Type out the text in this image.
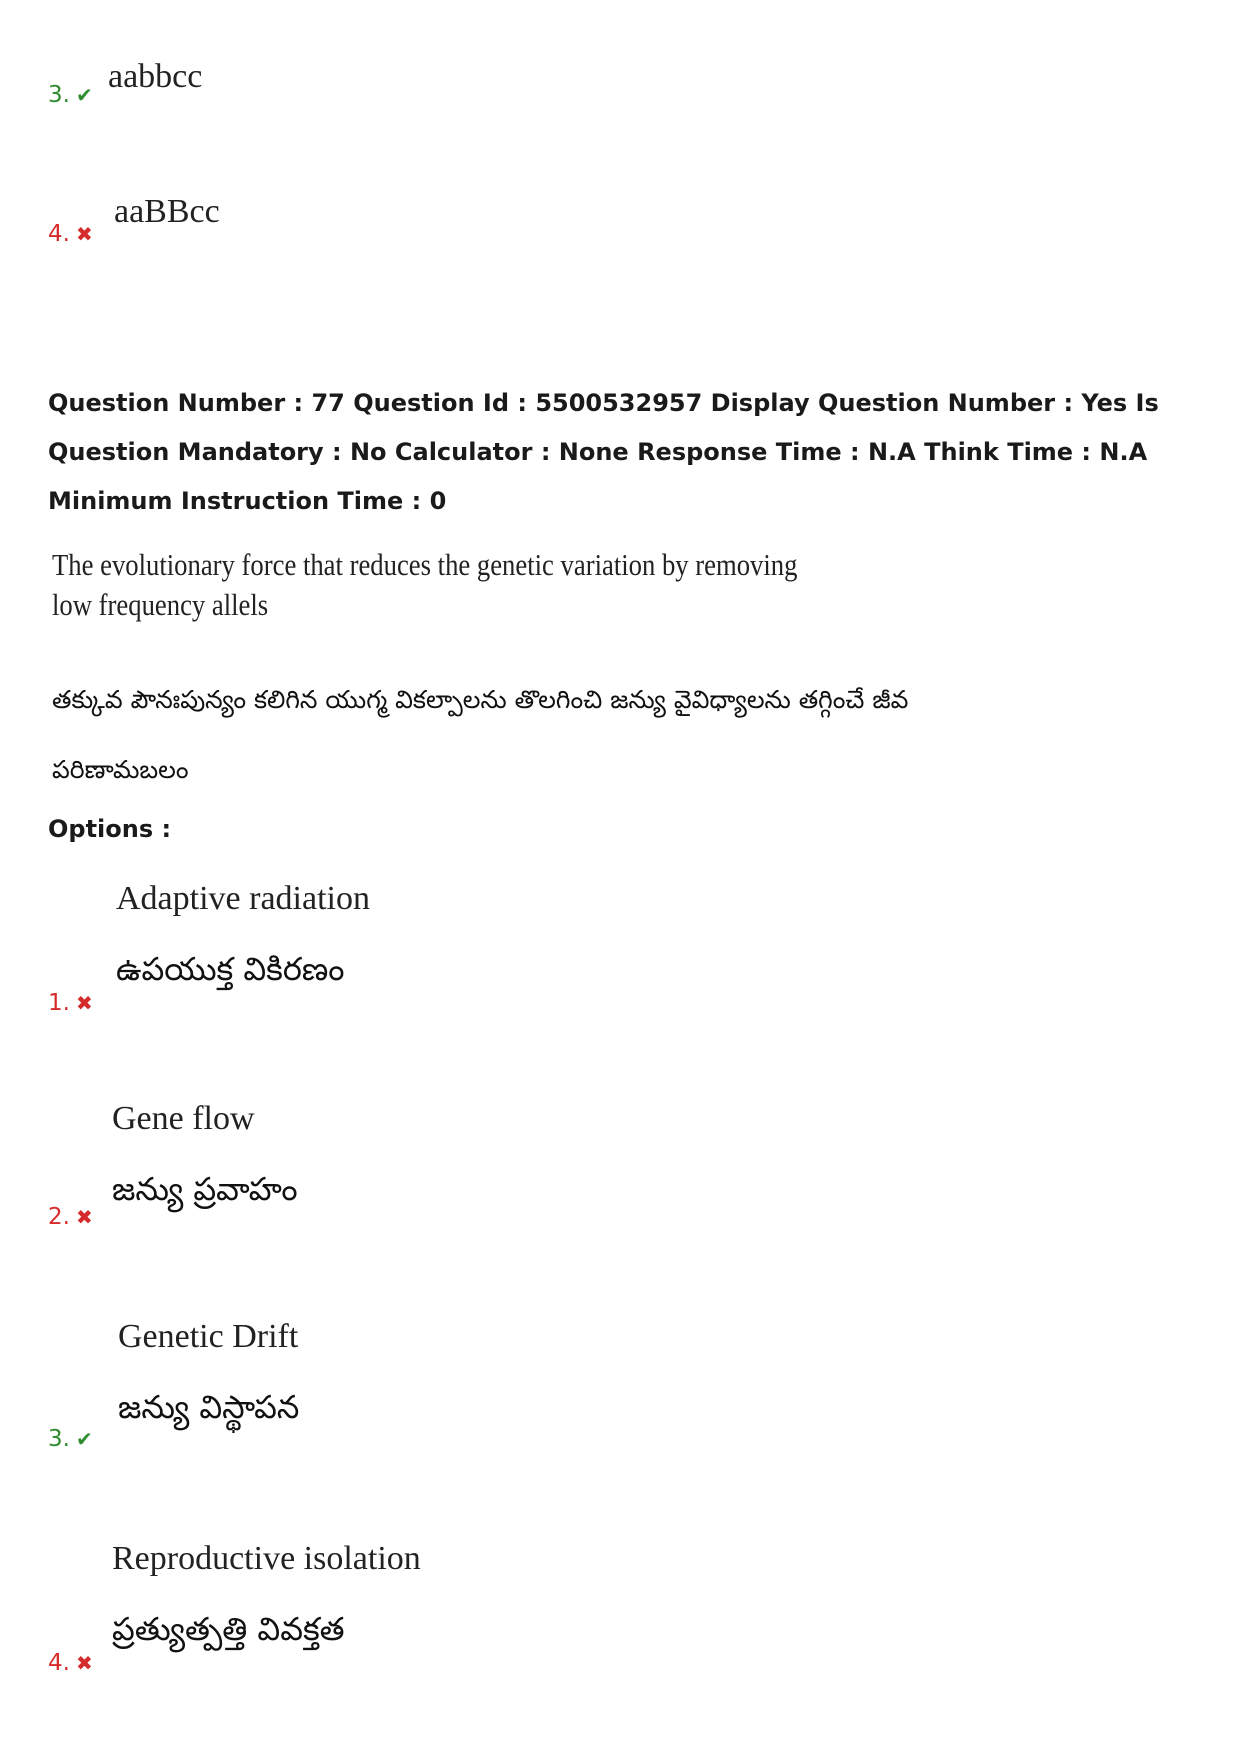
aabbcc
3. ✔
aaBBcc
4. ✖
Question Number : 77 Question Id : 5500532957 Display Question Number : Yes Is Question Mandatory : No Calculator : None Response Time : N.A Think Time : N.A Minimum Instruction Time : 0
The evolutionary force that reduces the genetic variation by removing low frequency allels
తక్కువ పౌనఃపున్యం కలిగిన యుగ్మ వికల్పాలను తొలగించి జన్యు వైవిధ్యాలను తగ్గించే జీవ పరిణామబలం
Options :
Adaptive radiation
ఉపయుక్త వికిరణం
1. ✖
Gene flow
జన్యు ప్రవాహం
2. ✖
Genetic Drift
జన్యు విస్థాపన
3. ✔
Reproductive isolation
ప్రత్యుత్పత్తి వివక్తత
4. ✖
